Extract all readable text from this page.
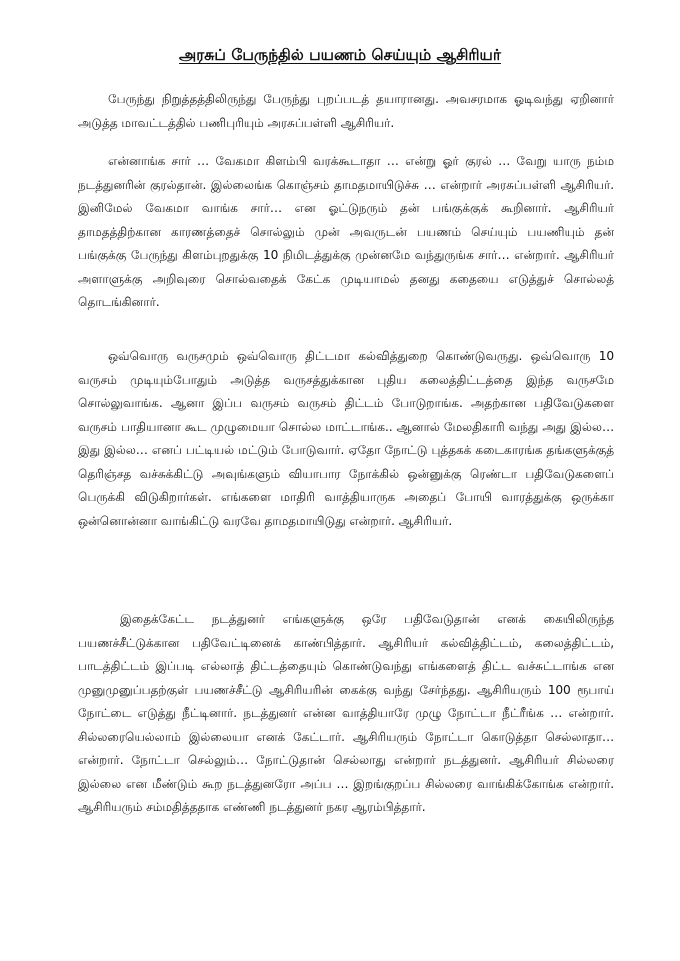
அரசுப் பேருந்தில் பயணம் செய்யும் ஆசிரியர்

பேருந்து நிறுத்தத்திலிருந்து பேருந்து புறப்படத் தயாரானது. அவசரமாக ஓடிவந்து ஏறினார் அடுத்த மாவட்டத்தில் பணிபுரியும் அரசுப்பள்ளி ஆசிரியர்.

என்னாங்க சார் … வேகமா கிளம்பி வரக்கூடாதா … என்று ஓர் குரல் … வேறு யாரு நம்ம நடத்துனரின் குரல்தான். இல்லைங்க கொஞ்சம் தாமதமாயிடுச்சு … என்றார் அரசுப்பள்ளி ஆசிரியர். இனிமேல் வேகமா வாங்க சார்… என ஓட்டுநரும் தன் பங்குக்குக் கூறினார். ஆசிரியர் தாமதத்திற்கான காரணத்தைச் சொல்லும் முன் அவருடன் பயணம் செய்யும் பயணியும் தன் பங்குக்கு பேருந்து கிளம்புறதுக்கு 10 நிமிடத்துக்கு முன்னமே வந்துருங்க சார்… என்றார். ஆசிரியர் அளாளுக்கு அறிவுரை சொல்வதைக் கேட்க முடியாமல் தனது கதையை எடுத்துச் சொல்லத் தொடங்கினார்.

ஒவ்வொரு வருசமும் ஒவ்வொரு திட்டமா கல்வித்துறை கொண்டுவருது. ஒவ்வொரு 10 வருசம் முடியும்போதும் அடுத்த வருசத்துக்கான புதிய கலைத்திட்டத்தை இந்த வருசமே சொல்லுவாங்க. ஆனா இப்ப வருசம் வருசம் திட்டம் போடுறாங்க. அதற்கான பதிவேடுகளை வருசம் பாதியானா கூட முழுமையா சொல்ல மாட்டாங்க.. ஆனால் மேலதிகாரி வந்து அது இல்ல… இது இல்ல… எனப் பட்டியல் மட்டும் போடுவார். ஏதோ நோட்டு புத்தகக் கடைகாரங்க தங்களுக்குத் தெரிஞ்சத வச்சுக்கிட்டு அவுங்களும் வியாபார நோக்கில் ஒன்னுக்கு ரெண்டா பதிவேடுகளைப் பெருக்கி விடுகிறார்கள். எங்களை மாதிரி வாத்தியாருக அதைப் போயி வாரத்துக்கு ஒருக்கா ஒன்னொன்னா வாங்கிட்டு வரவே தாமதமாயிடுது என்றார். ஆசிரியர்.

இதைக்கேட்ட நடத்துனர் எங்களுக்கு ஒரே பதிவேடுதான் எனக் கையிலிருந்த பயணச்சீட்டுக்கான பதிவேட்டினைக் காண்பித்தார். ஆசிரியர் கல்வித்திட்டம், கலைத்திட்டம், பாடத்திட்டம் இப்படி எல்லாத் திட்டத்தையும் கொண்டுவந்து எங்களைத் திட்ட வச்சுட்டாங்க என முனுமுனுப்பதற்குள் பயணச்சீட்டு ஆசிரியரின் கைக்கு வந்து சேர்ந்தது. ஆசிரியரும் 100 ரூபாய் நோட்டை எடுத்து நீட்டினார். நடத்துனர் என்ன வாத்தியாரே முழு நோட்டா நீட்ரீங்க … என்றார். சில்லரையெல்லாம் இல்லையா எனக் கேட்டார். ஆசிரியரும் நோட்டா கொடுத்தா செல்லாதா… என்றார். நோட்டா செல்லும்… நோட்டுதான் செல்லாது என்றார் நடத்துனர். ஆசிரியர் சில்லரை இல்லை என மீண்டும் கூற நடத்துனரோ அப்ப … இறங்குறப்ப சில்லரை வாங்கிக்கோங்க என்றார். ஆசிரியரும் சம்மதித்ததாக எண்ணி நடத்துனர் நகர ஆரம்பித்தார்.
